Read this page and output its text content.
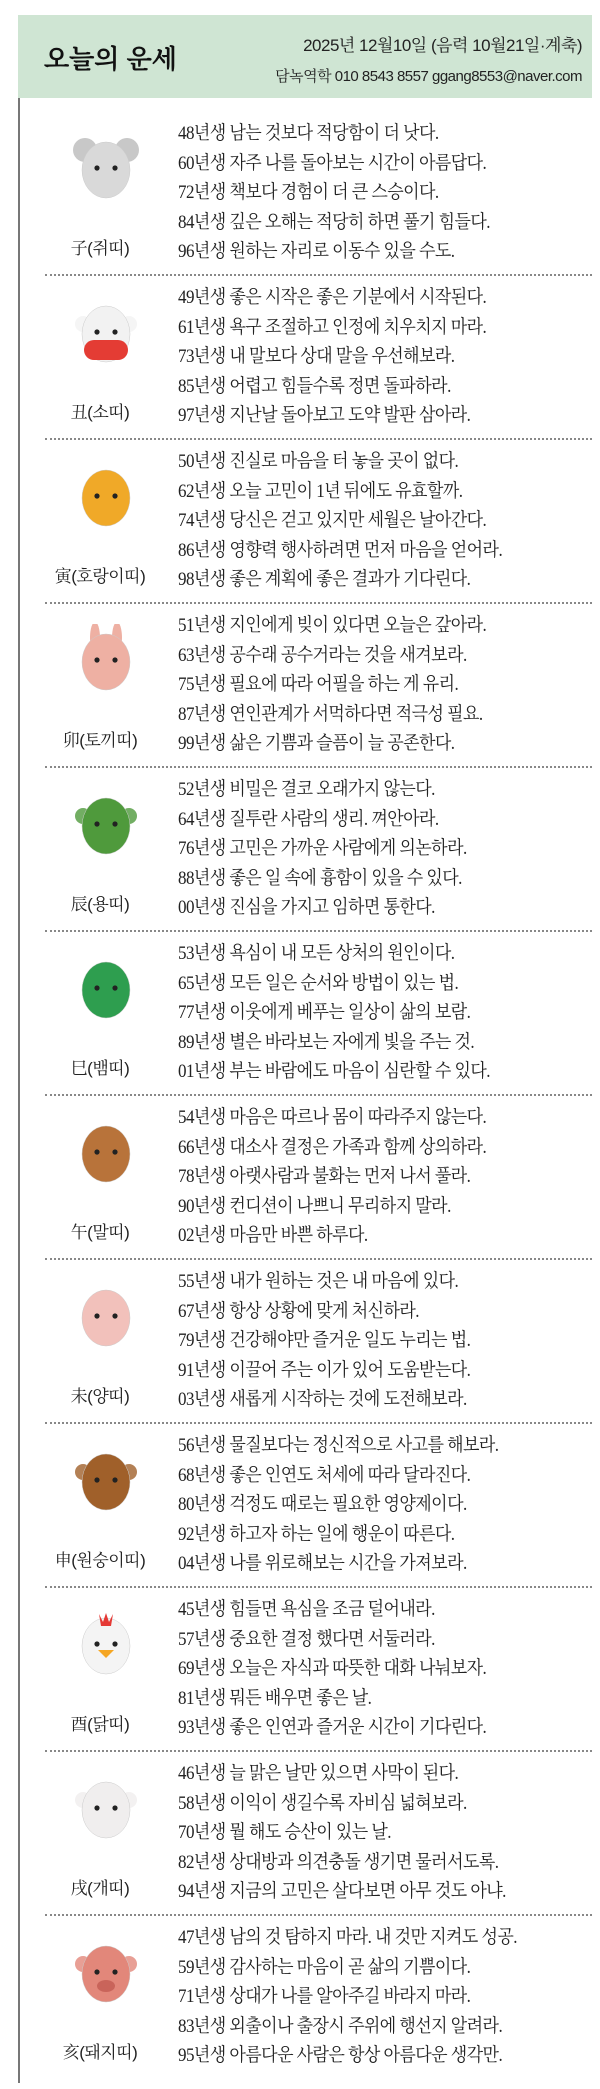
오늘의 운세	2025년 12월10일 (음력 10월21일·계축)
담녹역학 010 8543 8557 ggang8553@naver.com
子(쥐띠)
48년생 남는 것보다 적당함이 더 낫다.
60년생 자주 나를 돌아보는 시간이 아름답다.
72년생 책보다 경험이 더 큰 스승이다.
84년생 깊은 오해는 적당히 하면 풀기 힘들다.
96년생 원하는 자리로 이동수 있을 수도.
丑(소띠)
49년생 좋은 시작은 좋은 기분에서 시작된다.
61년생 욕구 조절하고 인정에 치우치지 마라.
73년생 내 말보다 상대 말을 우선해보라.
85년생 어렵고 힘들수록 정면 돌파하라.
97년생 지난날 돌아보고 도약 발판 삼아라.
寅(호랑이띠)
50년생 진실로 마음을 터 놓을 곳이 없다.
62년생 오늘 고민이 1년 뒤에도 유효할까.
74년생 당신은 걷고 있지만 세월은 날아간다.
86년생 영향력 행사하려면 먼저 마음을 얻어라.
98년생 좋은 계획에 좋은 결과가 기다린다.
卯(토끼띠)
51년생 지인에게 빚이 있다면 오늘은 갚아라.
63년생 공수래 공수거라는 것을 새겨보라.
75년생 필요에 따라 어필을 하는 게 유리.
87년생 연인관계가 서먹하다면 적극성 필요.
99년생 삶은 기쁨과 슬픔이 늘 공존한다.
辰(용띠)
52년생 비밀은 결코 오래가지 않는다.
64년생 질투란 사람의 생리. 껴안아라.
76년생 고민은 가까운 사람에게 의논하라.
88년생 좋은 일 속에 흉함이 있을 수 있다.
00년생 진심을 가지고 임하면 통한다.
巳(뱀띠)
53년생 욕심이 내 모든 상처의 원인이다.
65년생 모든 일은 순서와 방법이 있는 법.
77년생 이웃에게 베푸는 일상이 삶의 보람.
89년생 별은 바라보는 자에게 빛을 주는 것.
01년생 부는 바람에도 마음이 심란할 수 있다.
午(말띠)
54년생 마음은 따르나 몸이 따라주지 않는다.
66년생 대소사 결정은 가족과 함께 상의하라.
78년생 아랫사람과 불화는 먼저 나서 풀라.
90년생 컨디션이 나쁘니 무리하지 말라.
02년생 마음만 바쁜 하루다.
未(양띠)
55년생 내가 원하는 것은 내 마음에 있다.
67년생 항상 상황에 맞게 처신하라.
79년생 건강해야만 즐거운 일도 누리는 법.
91년생 이끌어 주는 이가 있어 도움받는다.
03년생 새롭게 시작하는 것에 도전해보라.
申(원숭이띠)
56년생 물질보다는 정신적으로 사고를 해보라.
68년생 좋은 인연도 처세에 따라 달라진다.
80년생 걱정도 때로는 필요한 영양제이다.
92년생 하고자 하는 일에 행운이 따른다.
04년생 나를 위로해보는 시간을 가져보라.
酉(닭띠)
45년생 힘들면 욕심을 조금 덜어내라.
57년생 중요한 결정 했다면 서둘러라.
69년생 오늘은 자식과 따뜻한 대화 나눠보자.
81년생 뭐든 배우면 좋은 날.
93년생 좋은 인연과 즐거운 시간이 기다린다.
戌(개띠)
46년생 늘 맑은 날만 있으면 사막이 된다.
58년생 이익이 생길수록 자비심 넓혀보라.
70년생 뭘 해도 승산이 있는 날.
82년생 상대방과 의견충돌 생기면 물러서도록.
94년생 지금의 고민은 살다보면 아무 것도 아냐.
亥(돼지띠)
47년생 남의 것 탐하지 마라. 내 것만 지켜도 성공.
59년생 감사하는 마음이 곧 삶의 기쁨이다.
71년생 상대가 나를 알아주길 바라지 마라.
83년생 외출이나 출장시 주위에 행선지 알려라.
95년생 아름다운 사람은 항상 아름다운 생각만.
